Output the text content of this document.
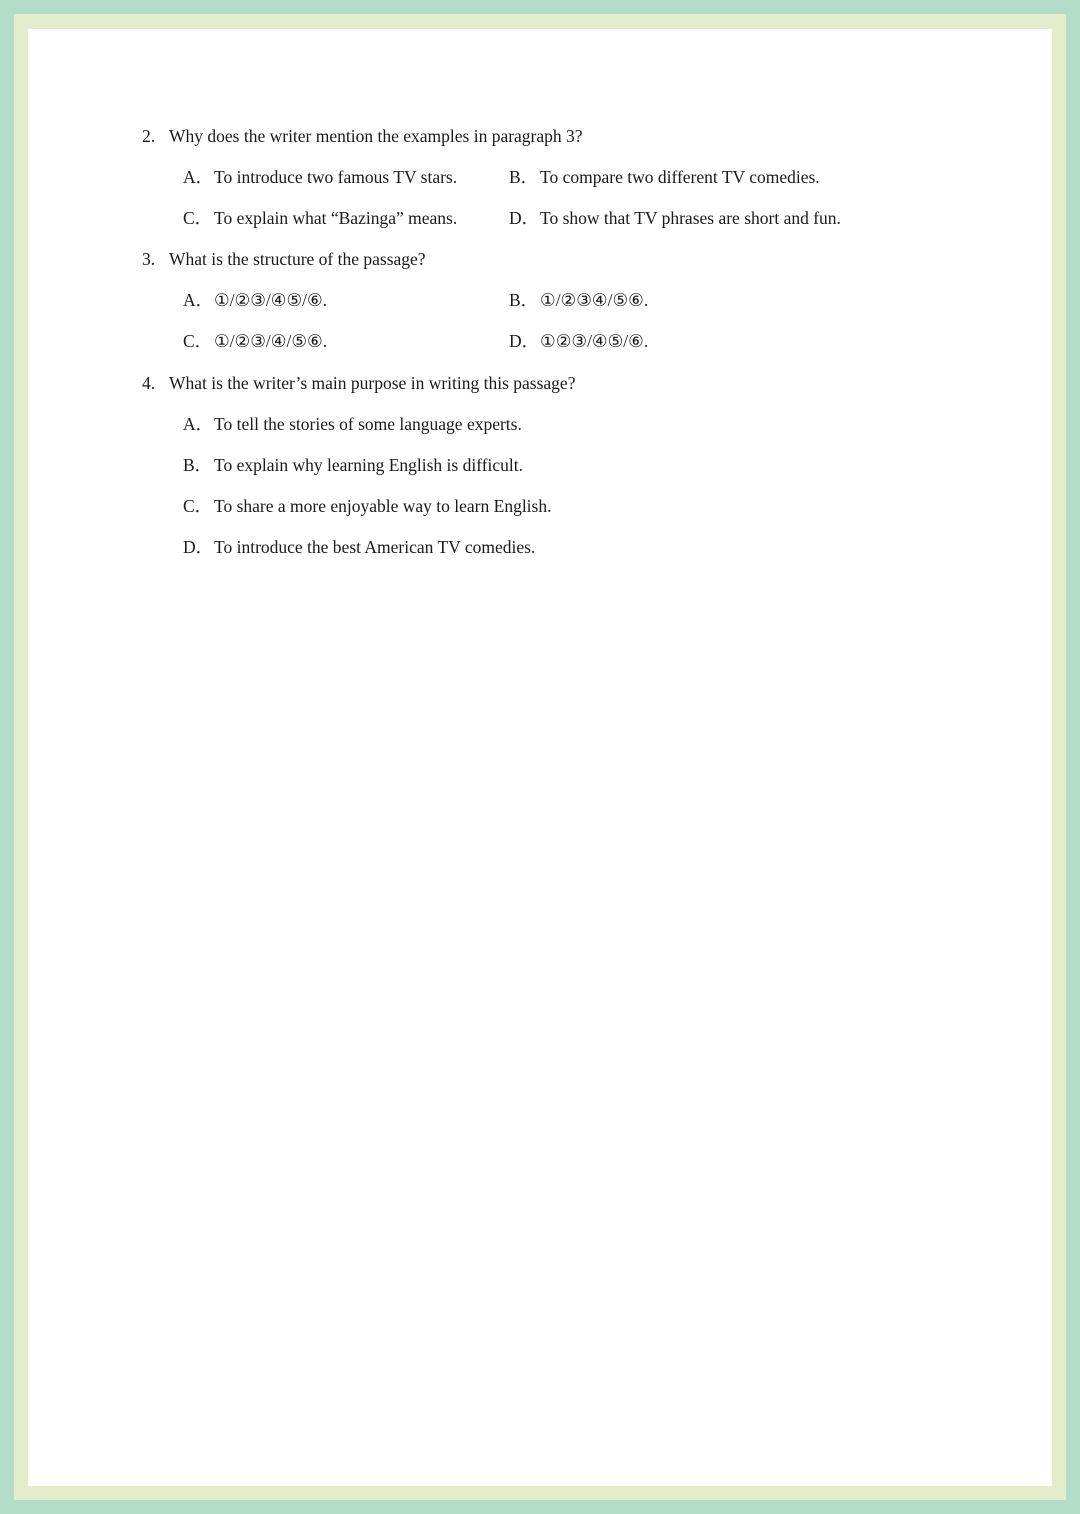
2. Why does the writer mention the examples in paragraph 3?
A．To introduce two famous TV stars.	B． To compare two different TV comedies.
C． To explain what “Bazinga” means.	D．To show that TV phrases are short and fun.
3. What is the structure of the passage?
A．①/②③/④⑤/⑥.	B． ①/②③④/⑤⑥.
C． ①/②③/④/⑤⑥.	D．①②③/④⑤/⑥.
4. What is the writer’s main purpose in writing this passage?
A．To tell the stories of some language experts.
B． To explain why learning English is difficult.
C． To share a more enjoyable way to learn English.
D．To introduce the best American TV comedies.
